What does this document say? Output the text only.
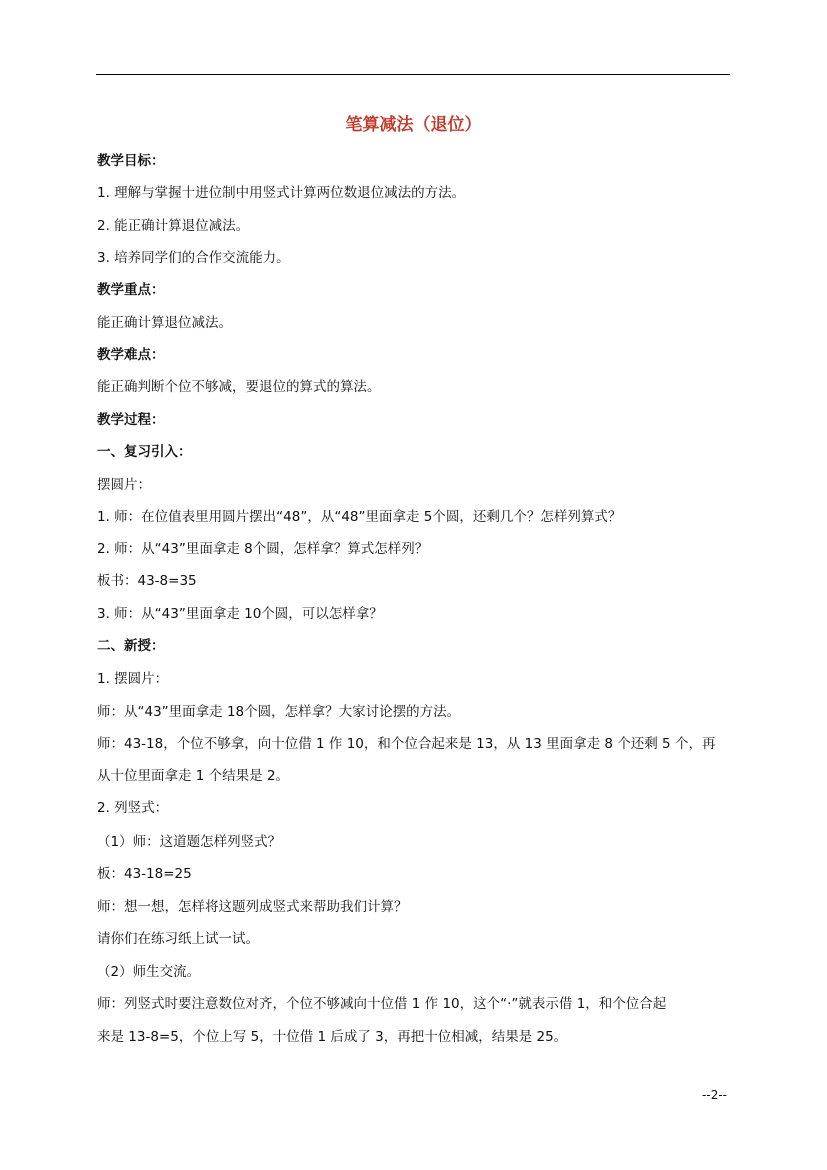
笔算减法（退位）
教学目标：
1. 理解与掌握十进位制中用竖式计算两位数退位减法的方法。
2. 能正确计算退位减法。
3. 培养同学们的合作交流能力。
教学重点：
能正确计算退位减法。
教学难点：
能正确判断个位不够减，要退位的算式的算法。
教学过程：
一、复习引入：
摆圆片：
1. 师：在位值表里用圆片摆出“48”，从“48”里面拿走 5个圆，还剩几个？怎样列算式？
2. 师：从“43”里面拿走 8个圆，怎样拿？算式怎样列？
板书：43-8=35
3. 师：从“43”里面拿走 10个圆，可以怎样拿？
二、新授：
1. 摆圆片：
师：从“43”里面拿走 18个圆，怎样拿？大家讨论摆的方法。
师：43-18，个位不够拿，向十位借 1 作 10，和个位合起来是 13，从 13 里面拿走 8 个还剩 5 个，再
从十位里面拿走 1 个结果是 2。
2. 列竖式：
（1）师：这道题怎样列竖式？
板：43-18=25
师：想一想，怎样将这题列成竖式来帮助我们计算？
请你们在练习纸上试一试。
（2）师生交流。
师：列竖式时要注意数位对齐，个位不够减向十位借 1 作 10，这个“·”就表示借 1，和个位合起
来是 13-8=5，个位上写 5，十位借 1 后成了 3，再把十位相减，结果是 25。
--2--
